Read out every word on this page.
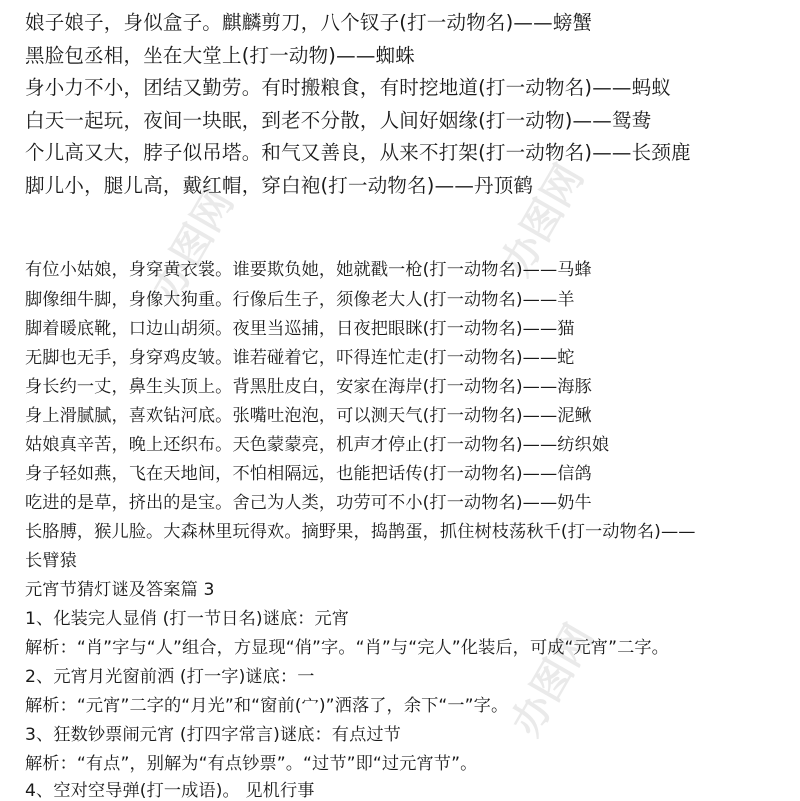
办图网	办图网
办图网
娘子娘子，身似盒子。麒麟剪刀，八个钗子(打一动物名)——螃蟹
黑脸包丞相，坐在大堂上(打一动物)——蜘蛛
身小力不小，团结又勤劳。有时搬粮食，有时挖地道(打一动物名)——蚂蚁
白天一起玩，夜间一块眠，到老不分散，人间好姻缘(打一动物)——鸳鸯
个儿高又大，脖子似吊塔。和气又善良，从来不打架(打一动物名)——长颈鹿
脚儿小，腿儿高，戴红帽，穿白袍(打一动物名)——丹顶鹤
有位小姑娘，身穿黄衣裳。谁要欺负她，她就戳一枪(打一动物名)——马蜂
脚像细牛脚，身像大狗重。行像后生子，须像老大人(打一动物名)——羊
脚着暖底靴，口边山胡须。夜里当巡捕，日夜把眼眯(打一动物名)——猫
无脚也无手，身穿鸡皮皱。谁若碰着它，吓得连忙走(打一动物名)——蛇
身长约一丈，鼻生头顶上。背黑肚皮白，安家在海岸(打一动物名)——海豚
身上滑腻腻，喜欢钻河底。张嘴吐泡泡，可以测天气(打一动物名)——泥鳅
姑娘真辛苦，晚上还织布。天色蒙蒙亮，机声才停止(打一动物名)——纺织娘
身子轻如燕，飞在天地间，不怕相隔远，也能把话传(打一动物名)——信鸽
吃进的是草，挤出的是宝。舍己为人类，功劳可不小(打一动物名)——奶牛
长胳膊，猴儿脸。大森林里玩得欢。摘野果，捣鹊蛋，抓住树枝荡秋千(打一动物名)——
长臂猿
元宵节猜灯谜及答案篇 3
1、化装完人显俏 (打一节日名)谜底：元宵
解析：“肖”字与“人”组合，方显现“俏”字。“肖”与“完人”化装后，可成“元宵”二字。
2、元宵月光窗前洒 (打一字)谜底：一
解析：“元宵”二字的“月光”和“窗前(宀)”洒落了，余下“一”字。
3、狂数钞票闹元宵 (打四字常言)谜底：有点过节
解析：“有点”，别解为“有点钞票”。“过节”即“过元宵节”。
4、空对空导弹(打一成语)。 见机行事
